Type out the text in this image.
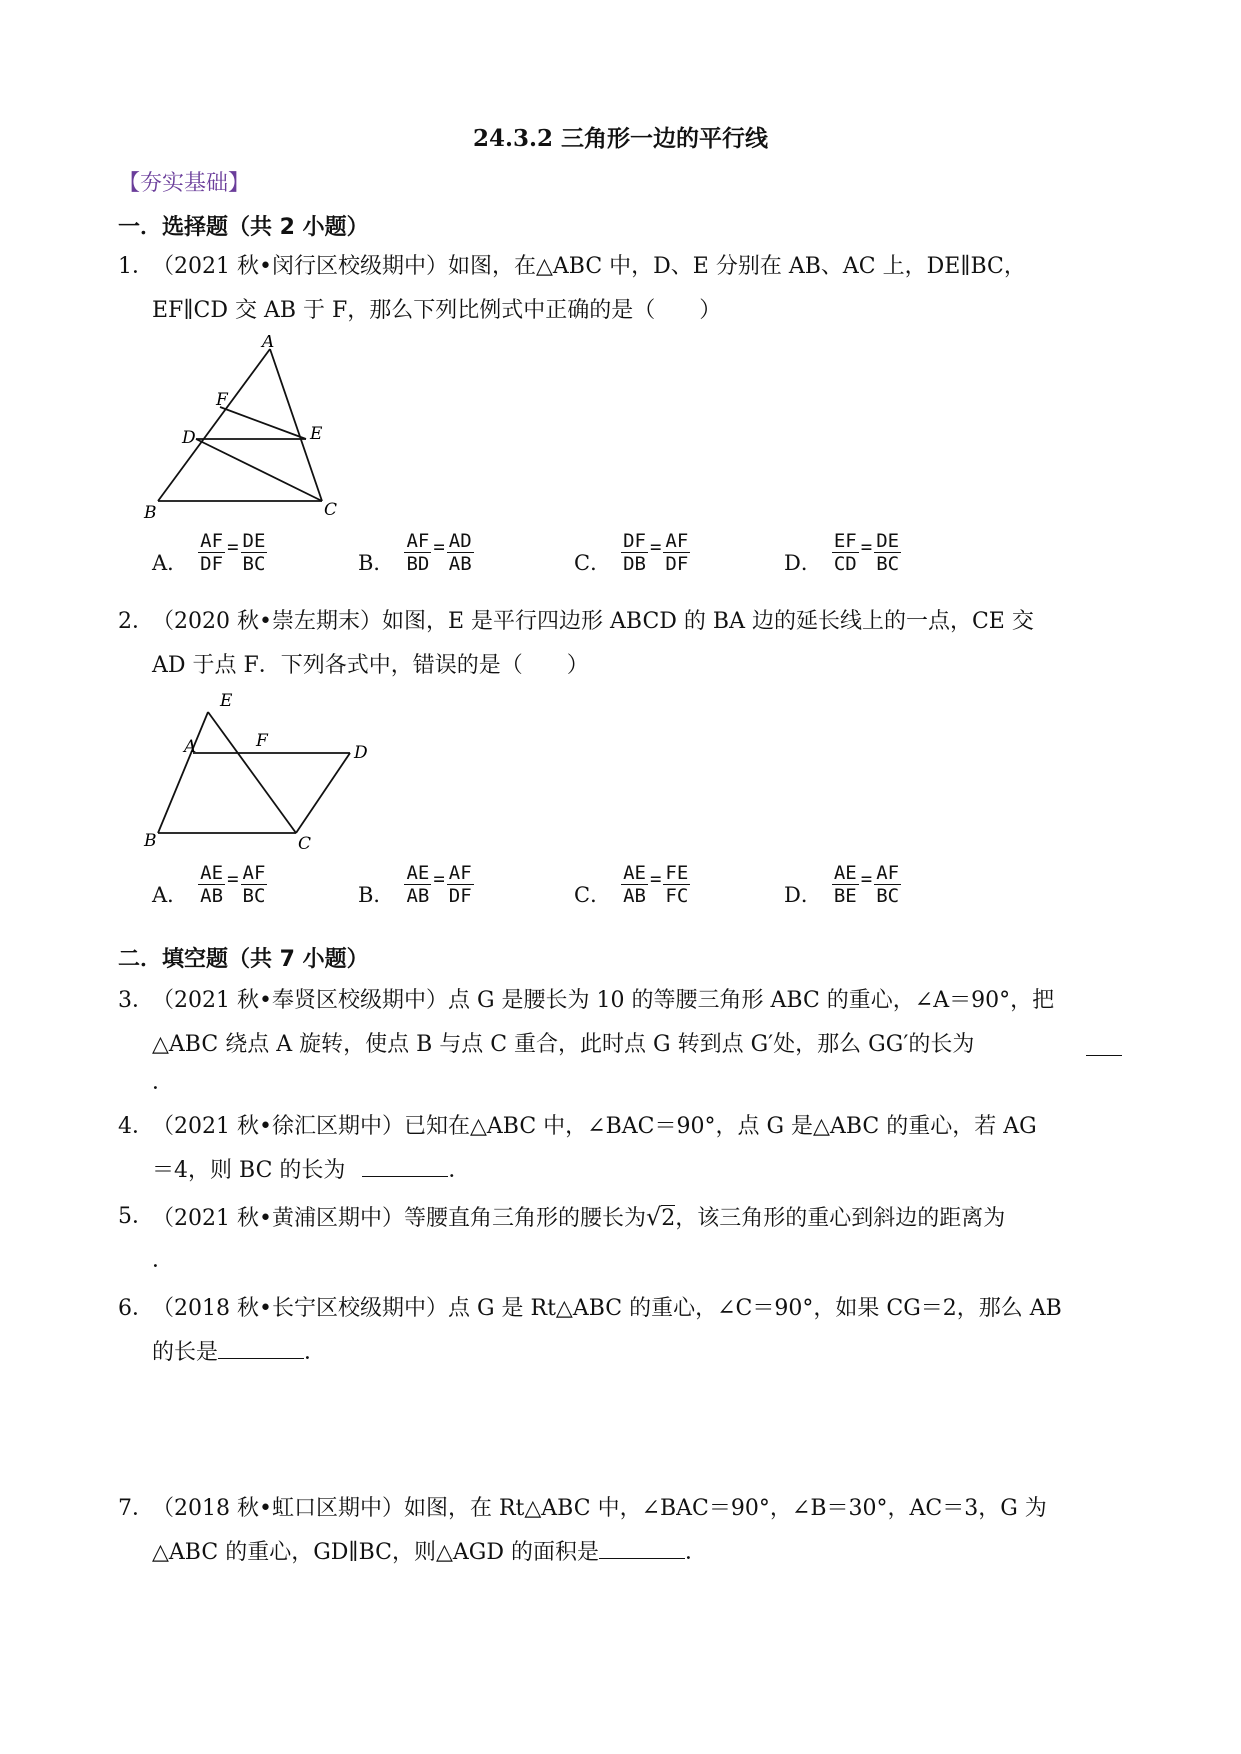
24.3.2 三角形一边的平行线
【夯实基础】
一．选择题（共 2 小题）
1．
（2021 秋•闵行区校级期中）如图，在△ABC 中，D、E 分别在 AB、AC 上，DE∥BC，
EF∥CD 交 AB 于 F，那么下列比例式中正确的是（　　）
A
F
D	E
B	C
A． $\frac{AF}{DF} = \frac{DE}{BC}$	B． $\frac{AF}{BD} = \frac{AD}{AB}$	C． $\frac{DF}{DB} = \frac{AF}{DF}$	D． $\frac{EF}{CD} = \frac{DE}{BC}$
2．
（2020 秋•崇左期末）如图，E 是平行四边形 ABCD 的 BA 边的延长线上的一点，CE 交
AD 于点 F．下列各式中，错误的是（　　）
E
A	F
D
B	C
A． $\frac{AE}{AB} = \frac{AF}{BC}$	B． $\frac{AE}{AB} = \frac{AF}{DF}$	C． $\frac{AE}{AB} = \frac{FE}{FC}$	D． $\frac{AE}{BE} = \frac{AF}{BC}$
二．填空题（共 7 小题）
3．
（2021 秋•奉贤区校级期中）点 G 是腰长为 10 的等腰三角形 ABC 的重心，∠A＝90°，把
△ABC 绕点 A 旋转，使点 B 与点 C 重合，此时点 G 转到点 G′处，那么 GG′的长为
．
4．
（2021 秋•徐汇区期中）已知在△ABC 中，∠BAC＝90°，点 G 是△ABC 的重心，若 AG
＝4，则 BC 的长为	．
5．
（2021 秋•黄浦区期中）等腰直角三角形的腰长为√2，该三角形的重心到斜边的距离为
．
6．
（2018 秋•长宁区校级期中）点 G 是 Rt△ABC 的重心，∠C＝90°，如果 CG＝2，那么 AB
的长是	．
7．
（2018 秋•虹口区期中）如图，在 Rt△ABC 中，∠BAC＝90°，∠B＝30°，AC＝3，G 为
△ABC 的重心，GD∥BC，则△AGD 的面积是	．
